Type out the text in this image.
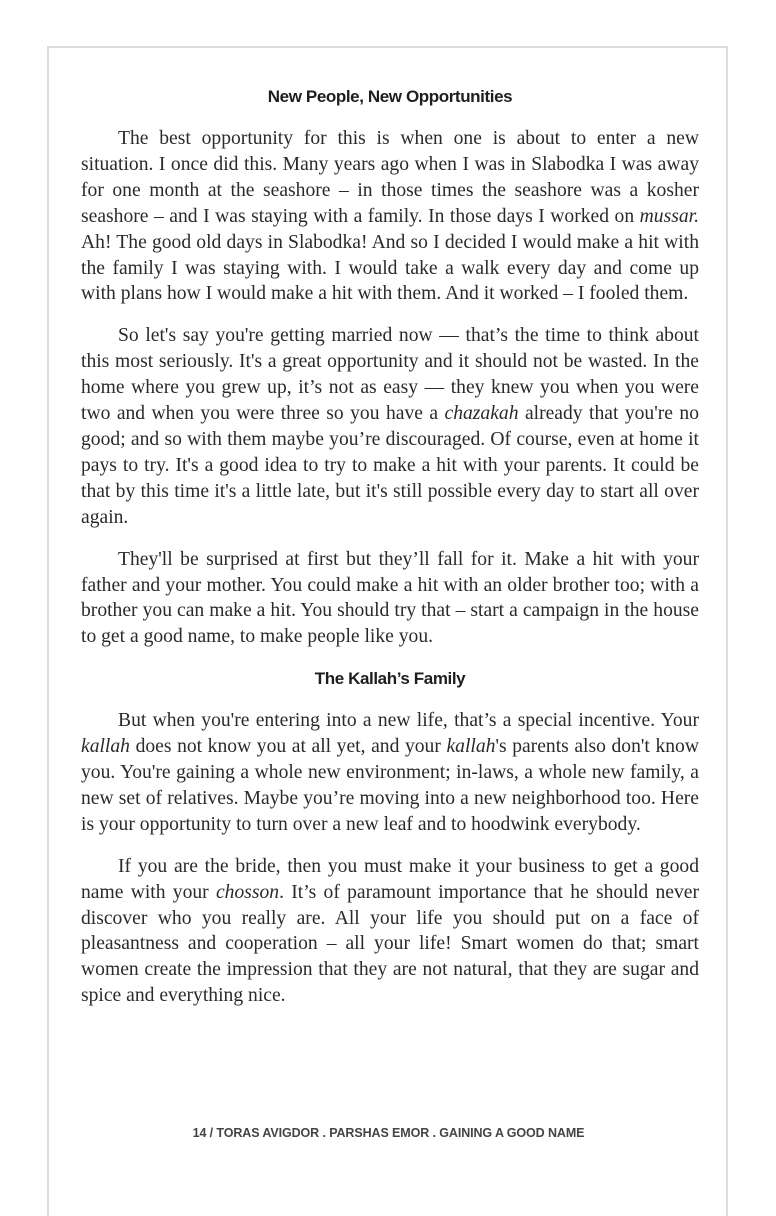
New People, New Opportunities

The best opportunity for this is when one is about to enter a new situation. I once did this. Many years ago when I was in Slabodka I was away for one month at the seashore – in those times the seashore was a kosher seashore – and I was staying with a family. In those days I worked on mussar. Ah! The good old days in Slabodka! And so I decided I would make a hit with the family I was staying with. I would take a walk every day and come up with plans how I would make a hit with them. And it worked – I fooled them.

So let's say you're getting married now — that’s the time to think about this most seriously. It's a great opportunity and it should not be wasted. In the home where you grew up, it’s not as easy — they knew you when you were two and when you were three so you have a chazakah already that you're no good; and so with them maybe you’re discouraged. Of course, even at home it pays to try. It's a good idea to try to make a hit with your parents. It could be that by this time it's a little late, but it's still possible every day to start all over again.

They'll be surprised at first but they’ll fall for it. Make a hit with your father and your mother. You could make a hit with an older brother too; with a brother you can make a hit. You should try that – start a campaign in the house to get a good name, to make people like you.

The Kallah’s Family

But when you're entering into a new life, that’s a special incentive. Your kallah does not know you at all yet, and your kallah's parents also don't know you. You're gaining a whole new environment; in-laws, a whole new family, a new set of relatives. Maybe you’re moving into a new neighborhood too. Here is your opportunity to turn over a new leaf and to hoodwink everybody.

If you are the bride, then you must make it your business to get a good name with your chosson. It’s of paramount importance that he should never discover who you really are. All your life you should put on a face of pleasantness and cooperation – all your life! Smart women do that; smart women create the impression that they are not natural, that they are sugar and spice and everything nice.

14 / TORAS AVIGDOR . PARSHAS EMOR . GAINING A GOOD NAME
